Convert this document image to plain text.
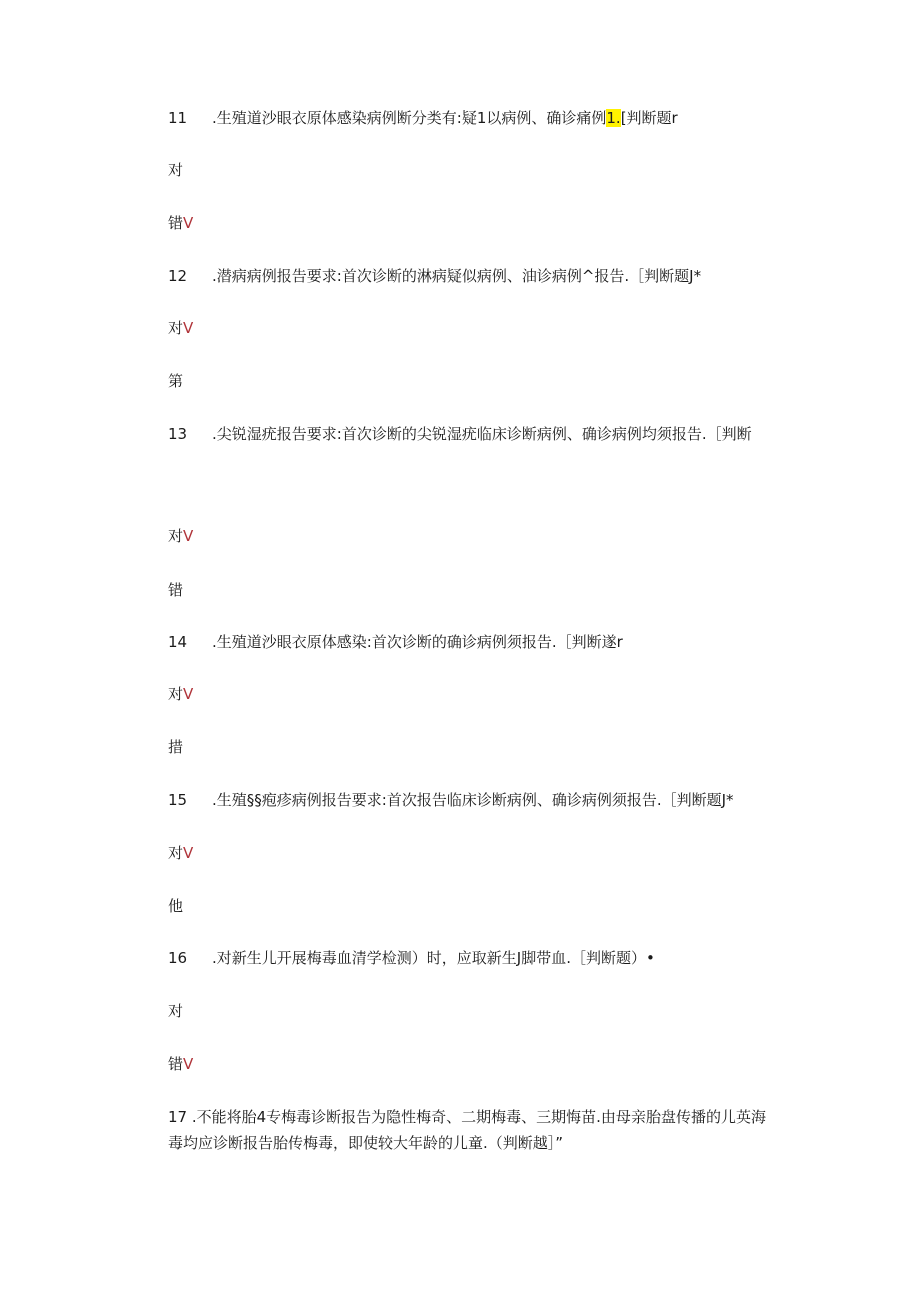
11 .生殖道沙眼衣原体感染病例断分类有:疑1以病例、确诊痛例1.[判断题r
对
错V
12 .潜病病例报告要求:首次诊断的淋病疑似病例、油诊病例^报告.［判断题J*
对V
第
13 .尖锐湿疣报告要求:首次诊断的尖锐湿疣临床诊断病例、确诊病例均须报告.［判断
对V
错
14 .生殖道沙眼衣原体感染:首次诊断的确诊病例须报告.［判断遂r
对V
措
15 .生殖§§疱疹病例报告要求:首次报告临床诊断病例、确诊病例须报告.［判断题J*
对V
他
16 .对新生儿开展梅毒血清学检测）时，应取新生J脚带血.［判断题）•
对
错V
17 .不能将胎4专梅毒诊断报告为隐性梅奇、二期梅毒、三期悔苗.由母亲胎盘传播的儿英海
毒均应诊断报告胎传梅毒，即使较大年龄的儿童.（判断越］”
